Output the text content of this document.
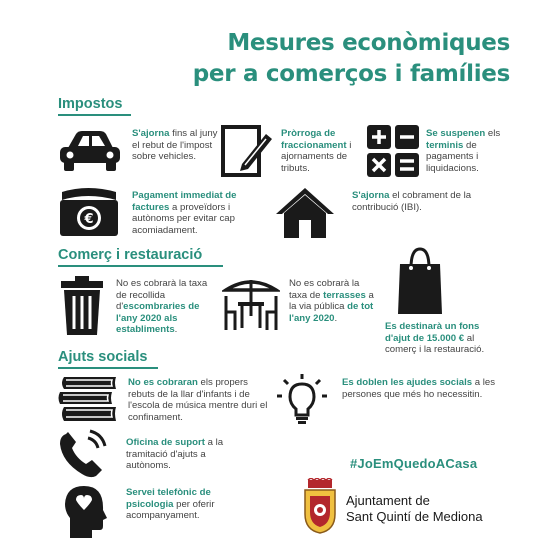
Mesures econòmiques
per a comerços i famílies
Impostos
S'ajorna fins al juny el rebut de l'impost sobre vehicles.
Pròrroga de fraccionament i ajornaments de tributs.
Se suspenen els terminis de pagaments i liquidacions.
€
Pagament immediat de factures a proveïdors i autònoms per evitar cap acomiadament.
S'ajorna el cobrament de la contribució (IBI).
Comerç i restauració
No es cobrarà la taxa de recollida d'escombraries de l'any 2020 als establiments.
No es cobrarà la taxa de terrasses a la via pública de tot l'any 2020.
Es destinarà un fons d'ajut de 15.000 € al comerç i la restauració.
Ajuts socials
No es cobraran els propers rebuts de la llar d'infants i de l'escola de música mentre duri el confinament.
Es doblen les ajudes socials a les persones que més ho necessitin.
Oficina de suport a la tramitació d'ajuts a autònoms.
Servei telefònic de psicologia per oferir acompanyament.
#JoEmQuedoACasa
Ajuntament de
Sant Quintí de Mediona
